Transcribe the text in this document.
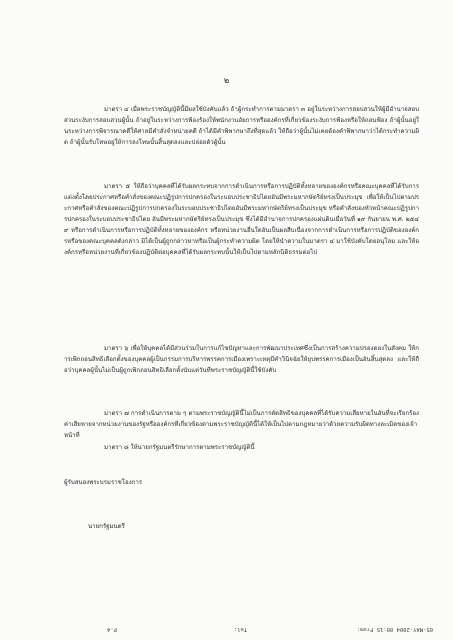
๒

มาตรา ๔ เมื่อพระราชบัญญัตินี้มีผลใช้บังคับแล้ว ถ้าผู้กระทำการตามมาตรา ๓ อยู่ในระหว่างการสอบสวนให้ผู้มีอำนาจสอบสวนระงับการสอบสวนผู้นั้น ถ้าอยู่ในระหว่างการฟ้องร้องให้พนักงานอัยการหรือองค์กรที่เกี่ยวข้องระงับการฟ้องหรือให้ถอนฟ้อง ถ้าผู้นั้นอยู่ในระหว่างการพิจารณาคดีให้ศาลมีคำสั่งจำหน่ายคดี ถ้าได้มีคำพิพากษาถึงที่สุดแล้ว ให้ถือว่าผู้นั้นไม่เคยต้องคำพิพากษาว่าได้กระทำความผิด ถ้าผู้นั้นรับโทษอยู่ให้การลงโทษนั้นสิ้นสุดลงและปล่อยตัวผู้นั้น

มาตรา ๕ ให้ถือว่าบุคคลที่ได้รับผลกระทบจากการดำเนินการหรือการปฏิบัติทั้งหลายขององค์กรหรือคณะบุคคลที่ได้รับการแต่งตั้งโดยประกาศหรือคำสั่งของคณะปฏิรูปการปกครองในระบอบประชาธิปไตยอันมีพระมหากษัตริย์ทรงเป็นประมุข เพื่อให้เป็นไปตามประกาศหรือคำสั่งของคณะปฏิรูปการปกครองในระบอบประชาธิปไตยอันมีพระมหากษัตริย์ทรงเป็นประมุข หรือคำสั่งของหัวหน้าคณะปฏิรูปการปกครองในระบอบประชาธิปไตย อันมีพระมหากษัตริย์ทรงเป็นประมุข ซึ่งได้มีอำนาจการปกครองแผ่นดินเมื่อวันที่ ๑๙ กันยายน พ.ศ. ๒๕๔๙ หรือการดำเนินการหรือการปฏิบัติทั้งหลายขององค์กร หรือหน่วยงานอื่นใดอันเป็นผลสืบเนื่องจากการดำเนินการหรือการปฏิบัติขององค์กรหรือของคณะบุคคลดังกล่าว มิได้เป็นผู้ถูกกล่าวหาหรือเป็นผู้กระทำความผิด โดยให้นำความในมาตรา ๔ มาใช้บังคับโดยอนุโลม และให้องค์กรหรือหน่วยงานที่เกี่ยวข้องปฏิบัติต่อบุคคลที่ได้รับผลกระทบนั้นให้เป็นไปตามหลักนิติธรรมต่อไป

มาตรา ๖ เพื่อให้บุคคลได้มีส่วนร่วมในการแก้ไขปัญหาและการพัฒนาประเทศซึ่งเป็นการสร้างความปรองดองในสังคม ให้การเพิกถอนสิทธิเลือกตั้งของบุคคลผู้เป็นกรรมการบริหารพรรคการเมืองเพราะเหตุมีคำวินิจฉัยให้ยุบพรรคการเมืองเป็นอันสิ้นสุดลง และให้ถือว่าบุคคลผู้นั้นไม่เป็นผู้ถูกเพิกถอนสิทธิเลือกตั้งนับแต่วันที่พระราชบัญญัตินี้ใช้บังคับ

มาตรา ๗ การดำเนินการตาม ๆ ตามพระราชบัญญัตินี้ไม่เป็นการตัดสิทธิของบุคคลที่ได้รับความเสียหายในอันที่จะเรียกร้องค่าเสียหายจากหน่วยงานของรัฐหรือองค์กรที่เกี่ยวข้องตามพระราชบัญญัตินี้ได้ให้เป็นไปตามกฎหมายว่าด้วยความรับผิดทางละเมิดของเจ้าหน้าที่

มาตรา ๘ ให้นายกรัฐมนตรีรักษาการตามพระราชบัญญัตินี้

ผู้รับสนองพระบรมราชโองการ
นายกรัฐมนตรี
05-MAY-2004 00:15 From:
Tel:
P.4
